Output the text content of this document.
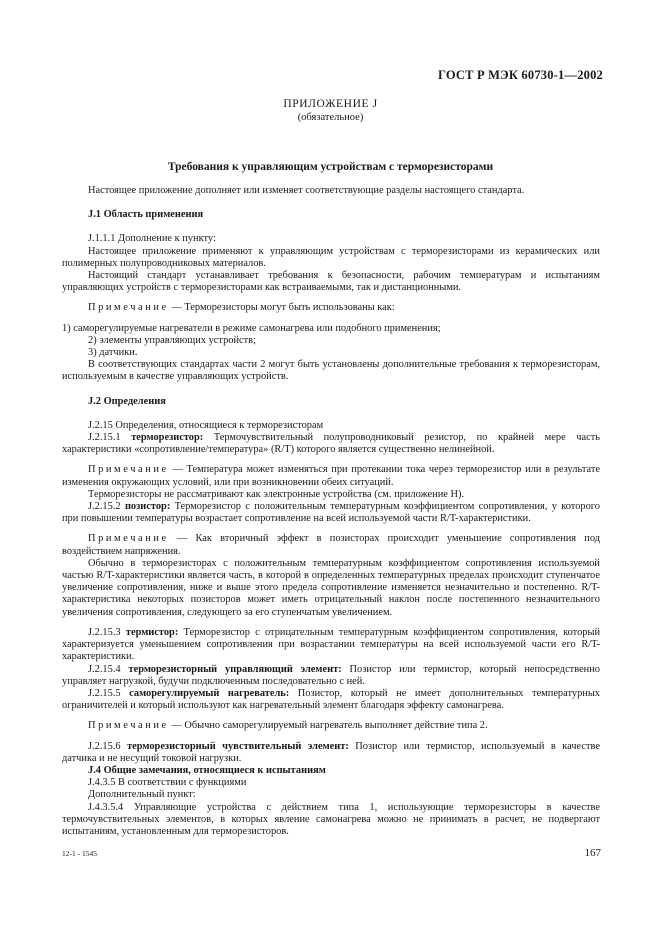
ГОСТ Р МЭК 60730-1—2002
ПРИЛОЖЕНИЕ J
(обязательное)
Требования к управляющим устройствам с терморезисторами

Настоящее приложение дополняет или изменяет соответствующие разделы настоящего стандарта.

J.1 Область применения

J.1.1.1 Дополнение к пункту:

Настоящее приложение применяют к управляющим устройствам с терморезисторами из керамических или полимерных полупроводниковых материалов.

Настоящий стандарт устанавливает требования к безопасности, рабочим температурам и испытаниям управляющих устройств с терморезисторами как встраиваемыми, так и дистанционными.

Примечание — Терморезисторы могут быть использованы как:

1) саморегулируемые нагреватели в режиме самонагрева или подобного применения;

2) элементы управляющих устройств;

3) датчики.

В соответствующих стандартах части 2 могут быть установлены дополнительные требования к терморезисторам, используемым в качестве управляющих устройств.

J.2 Определения

J.2.15 Определения, относящиеся к терморезисторам

J.2.15.1 терморезистор: Термочувствительный полупроводниковый резистор, по крайней мере часть характеристики «сопротивление/температура» (R/T) которого является существенно нелинейной.

Примечание — Температура может изменяться при протекании тока через терморезистор или в результате изменения окружающих условий, или при возникновении обеих ситуаций.

Терморезисторы не рассматривают как электронные устройства (см. приложение H).

J.2.15.2 позистор: Терморезистор с положительным температурным коэффициентом сопротивления, у которого при повышении температуры возрастает сопротивление на всей используемой части R/T-характеристики.

Примечание — Как вторичный эффект в позисторах происходит уменьшение сопротивления под воздействием напряжения.

Обычно в терморезисторах с положительным температурным коэффициентом сопротивления используемой частью R/T-характеристики является часть, в которой в определенных температурных пределах происходит ступенчатое увеличение сопротивления, ниже и выше этого предела сопротивление изменяется незначительно и постепенно. R/T-характеристика некоторых позисторов может иметь отрицательный наклон после постепенного незначительного увеличения сопротивления, следующего за его ступенчатым увеличением.

J.2.15.3 термистор: Терморезистор с отрицательным температурным коэффициентом сопротивления, который характеризуется уменьшением сопротивления при возрастании температуры на всей используемой части его R/T-характеристики.

J.2.15.4 терморезисторный управляющий элемент: Позистор или термистор, который непосредственно управляет нагрузкой, будучи подключенным последовательно с ней.

J.2.15.5 саморегулируемый нагреватель: Позистор, который не имеет дополнительных температурных ограничителей и который используют как нагревательный элемент благодаря эффекту самонагрева.

Примечание — Обычно саморегулируемый нагреватель выполняет действие типа 2.

J.2.15.6 терморезисторный чувствительный элемент: Позистор или термистор, используемый в качестве датчика и не несущий токовой нагрузки.

J.4 Общие замечания, относящиеся к испытаниям

J.4.3.5 В соответствии с функциями

Дополнительный пункт:

J.4.3.5.4 Управляющие устройства с действием типа 1, использующие терморезисторы в качестве термочувствительных элементов, в которых явление самонагрева можно не принимать в расчет, не подвергают испытаниям, установленным для терморезисторов.

12-1 - 1545	167
